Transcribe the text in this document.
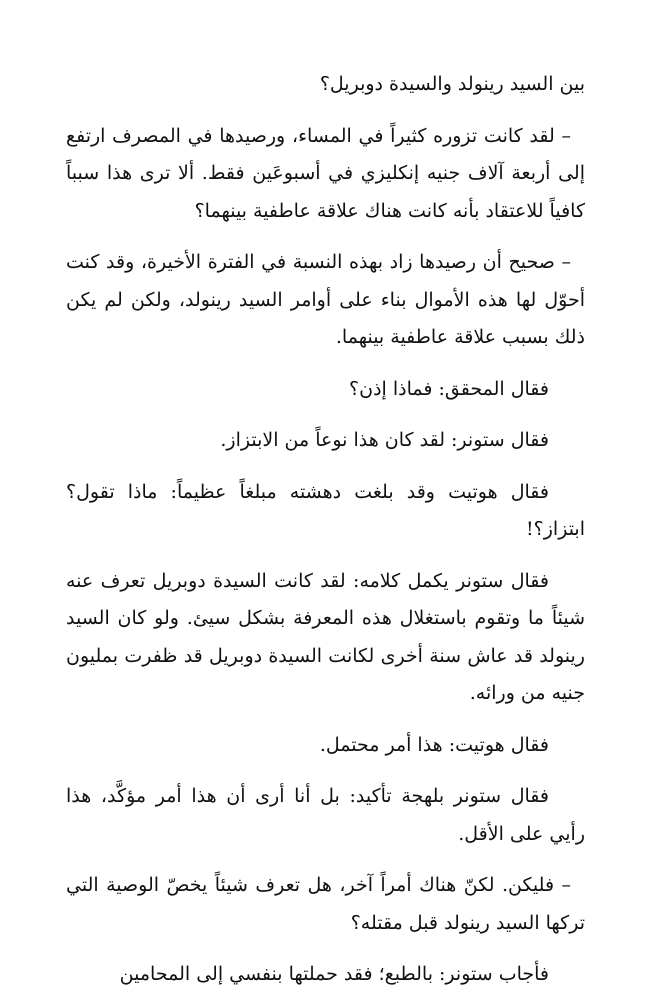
بين السيد رينولد والسيدة دوبريل؟

– لقد كانت تزوره كثيراً في المساء، ورصيدها في المصرف ارتفع إلى أربعة آلاف جنيه إنكليزي في أسبوعَين فقط. ألا ترى هذا سبباً كافياً للاعتقاد بأنه كانت هناك علاقة عاطفية بينهما؟

– صحيح أن رصيدها زاد بهذه النسبة في الفترة الأخيرة، وقد كنت أحوّل لها هذه الأموال بناء على أوامر السيد رينولد، ولكن لم يكن ذلك بسبب علاقة عاطفية بينهما.

فقال المحقق: فماذا إذن؟

فقال ستونر: لقد كان هذا نوعاً من الابتزاز.

فقال هوتيت وقد بلغت دهشته مبلغاً عظيماً: ماذا تقول؟ ابتزاز؟!

فقال ستونر يكمل كلامه: لقد كانت السيدة دوبريل تعرف عنه شيئاً ما وتقوم باستغلال هذه المعرفة بشكل سيئ. ولو كان السيد رينولد قد عاش سنة أخرى لكانت السيدة دوبريل قد ظفرت بمليون جنيه من ورائه.

فقال هوتيت: هذا أمر محتمل.

فقال ستونر بلهجة تأكيد: بل أنا أرى أن هذا أمر مؤكَّد، هذا رأيي على الأقل.

– فليكن. لكنّ هناك أمراً آخر، هل تعرف شيئاً يخصّ الوصية التي تركها السيد رينولد قبل مقتله؟

فأجاب ستونر: بالطبع؛ فقد حملتها بنفسي إلى المحامين
